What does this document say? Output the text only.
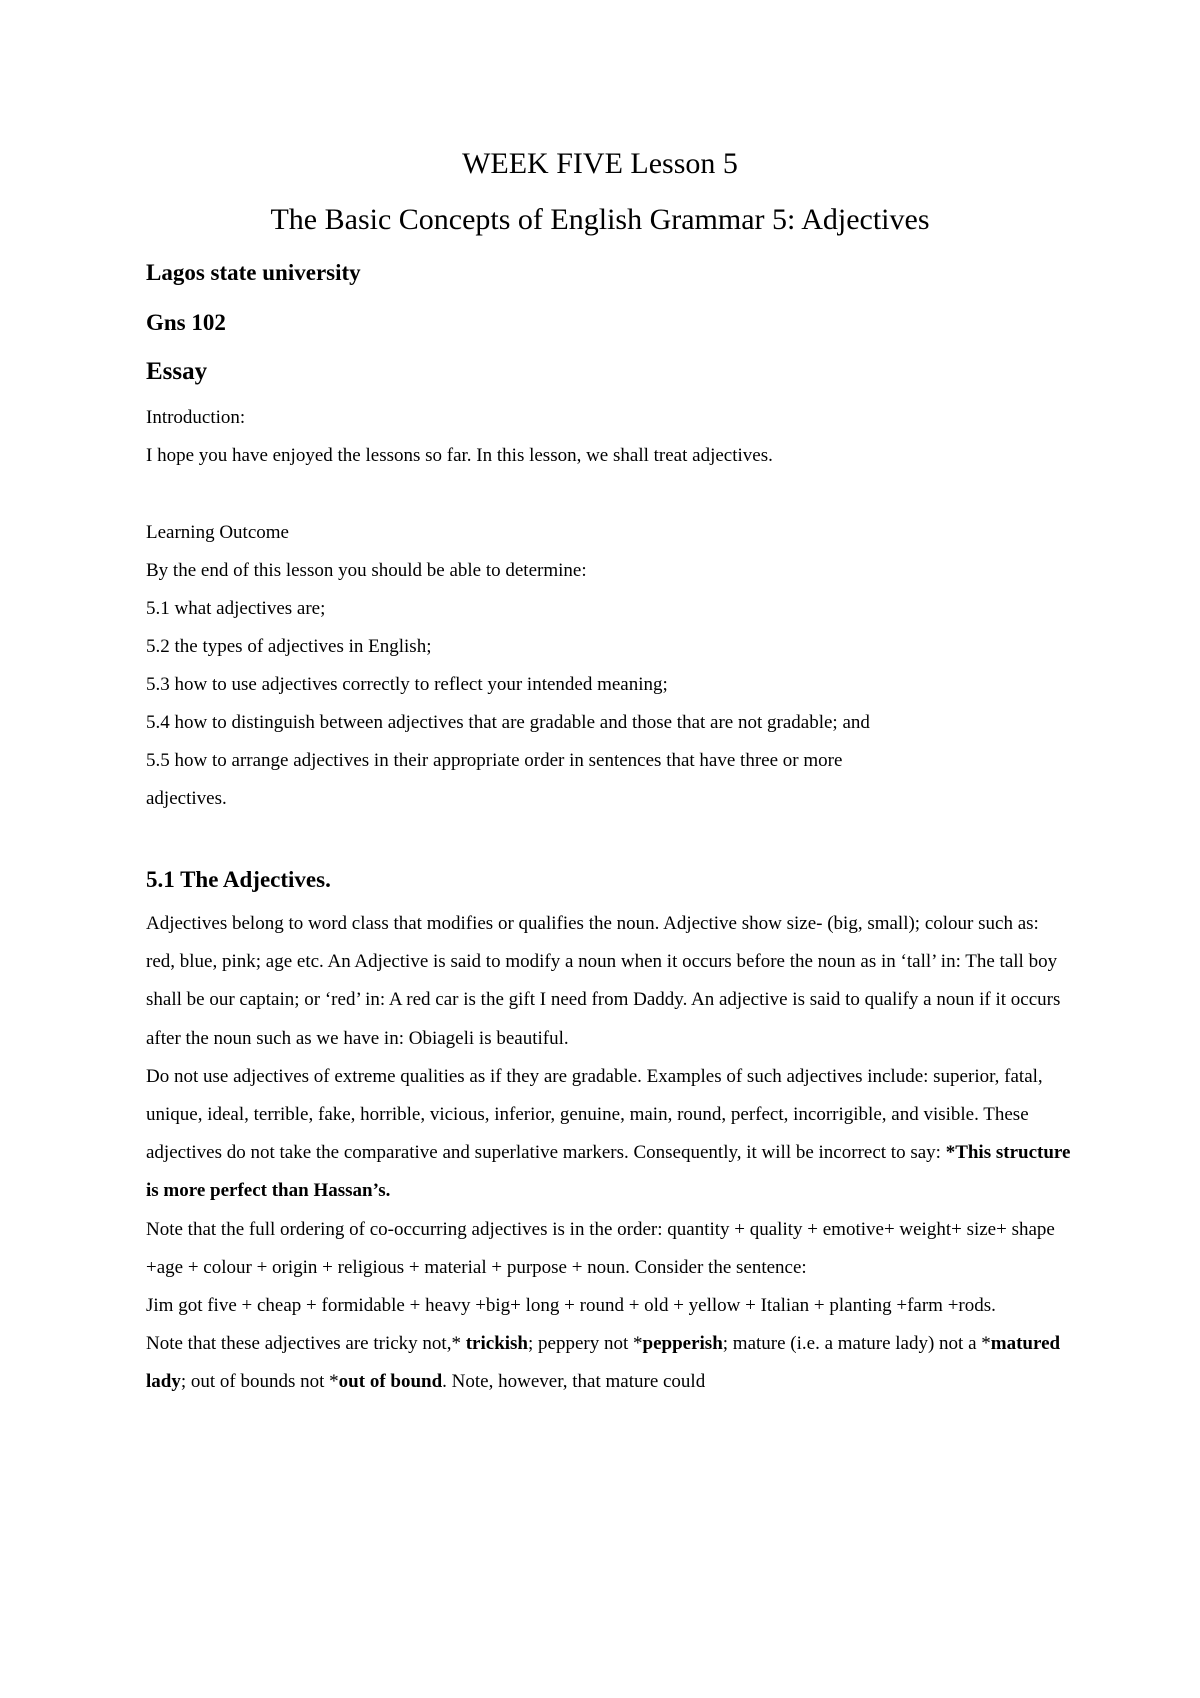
WEEK FIVE Lesson 5
The Basic Concepts of English Grammar 5: Adjectives
Lagos state university
Gns 102
Essay
Introduction:
I hope you have enjoyed the lessons so far. In this lesson, we shall treat adjectives.
Learning Outcome
By the end of this lesson you should be able to determine:
5.1 what adjectives are;
5.2 the types of adjectives in English;
5.3 how to use adjectives correctly to reflect your intended meaning;
5.4 how to distinguish between adjectives that are gradable and those that are not gradable; and
5.5 how to arrange adjectives in their appropriate order in sentences that have three or more
adjectives.
5.1 The Adjectives.

Adjectives belong to word class that modifies or qualifies the noun. Adjective show size- (big, small); colour such as: red, blue, pink; age etc. An Adjective is said to modify a noun when it occurs before the noun as in ‘tall’ in: The tall boy shall be our captain; or ‘red’ in: A red car is the gift I need from Daddy. An adjective is said to qualify a noun if it occurs after the noun such as we have in: Obiageli is beautiful.

Do not use adjectives of extreme qualities as if they are gradable. Examples of such adjectives include: superior, fatal, unique, ideal, terrible, fake, horrible, vicious, inferior, genuine, main, round, perfect, incorrigible, and visible. These adjectives do not take the comparative and superlative markers. Consequently, it will be incorrect to say: *This structure is more perfect than Hassan’s.

Note that the full ordering of co-occurring adjectives is in the order: quantity + quality + emotive+ weight+ size+ shape +age + colour + origin + religious + material + purpose + noun. Consider the sentence:

Jim got five + cheap + formidable + heavy +big+ long + round + old + yellow + Italian + planting +farm +rods.

Note that these adjectives are tricky not,* trickish; peppery not *pepperish; mature (i.e. a mature lady) not a *matured lady; out of bounds not *out of bound. Note, however, that mature could
